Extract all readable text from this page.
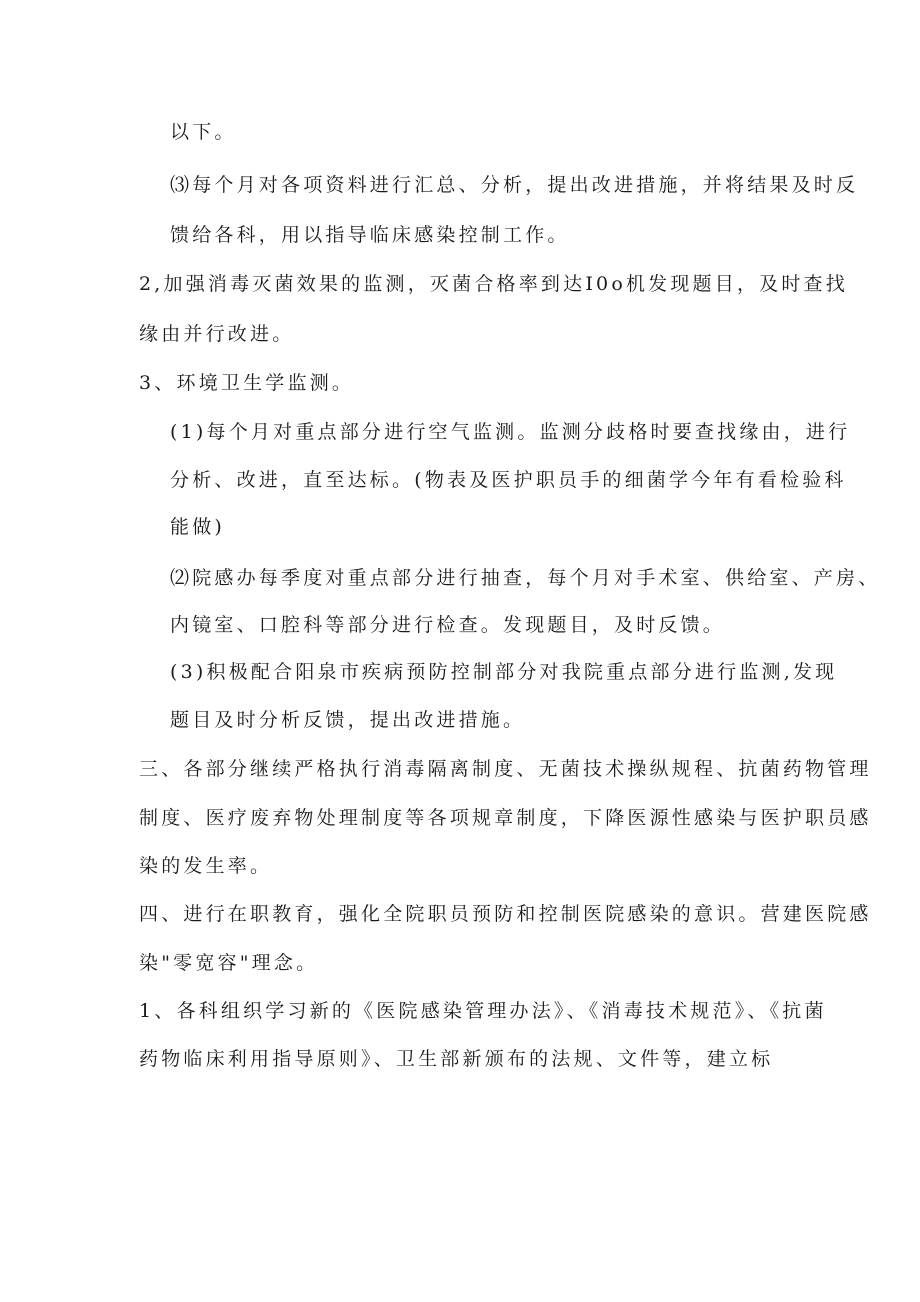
以下。
⑶每个月对各项资料进行汇总、分析，提出改进措施，并将结果及时反
馈给各科，用以指导临床感染控制工作。
2,加强消毒灭菌效果的监测，灭菌合格率到达I0o机发现题目，及时查找
缘由并行改进。
3、环境卫生学监测。
(1)每个月对重点部分进行空气监测。监测分歧格时要查找缘由，进行
分析、改进，直至达标。(物表及医护职员手的细菌学今年有看检验科
能做)
⑵院感办每季度对重点部分进行抽查，每个月对手术室、供给室、产房、
内镜室、口腔科等部分进行检查。发现题目，及时反馈。
(3)积极配合阳泉市疾病预防控制部分对我院重点部分进行监测,发现
题目及时分析反馈，提出改进措施。
三、各部分继续严格执行消毒隔离制度、无菌技术操纵规程、抗菌药物管理
制度、医疗废弃物处理制度等各项规章制度，下降医源性感染与医护职员感
染的发生率。
四、进行在职教育，强化全院职员预防和控制医院感染的意识。营建医院感
染"零宽容"理念。
1、各科组织学习新的《医院感染管理办法》、《消毒技术规范》、《抗菌
药物临床利用指导原则》、卫生部新颁布的法规、文件等，建立标
